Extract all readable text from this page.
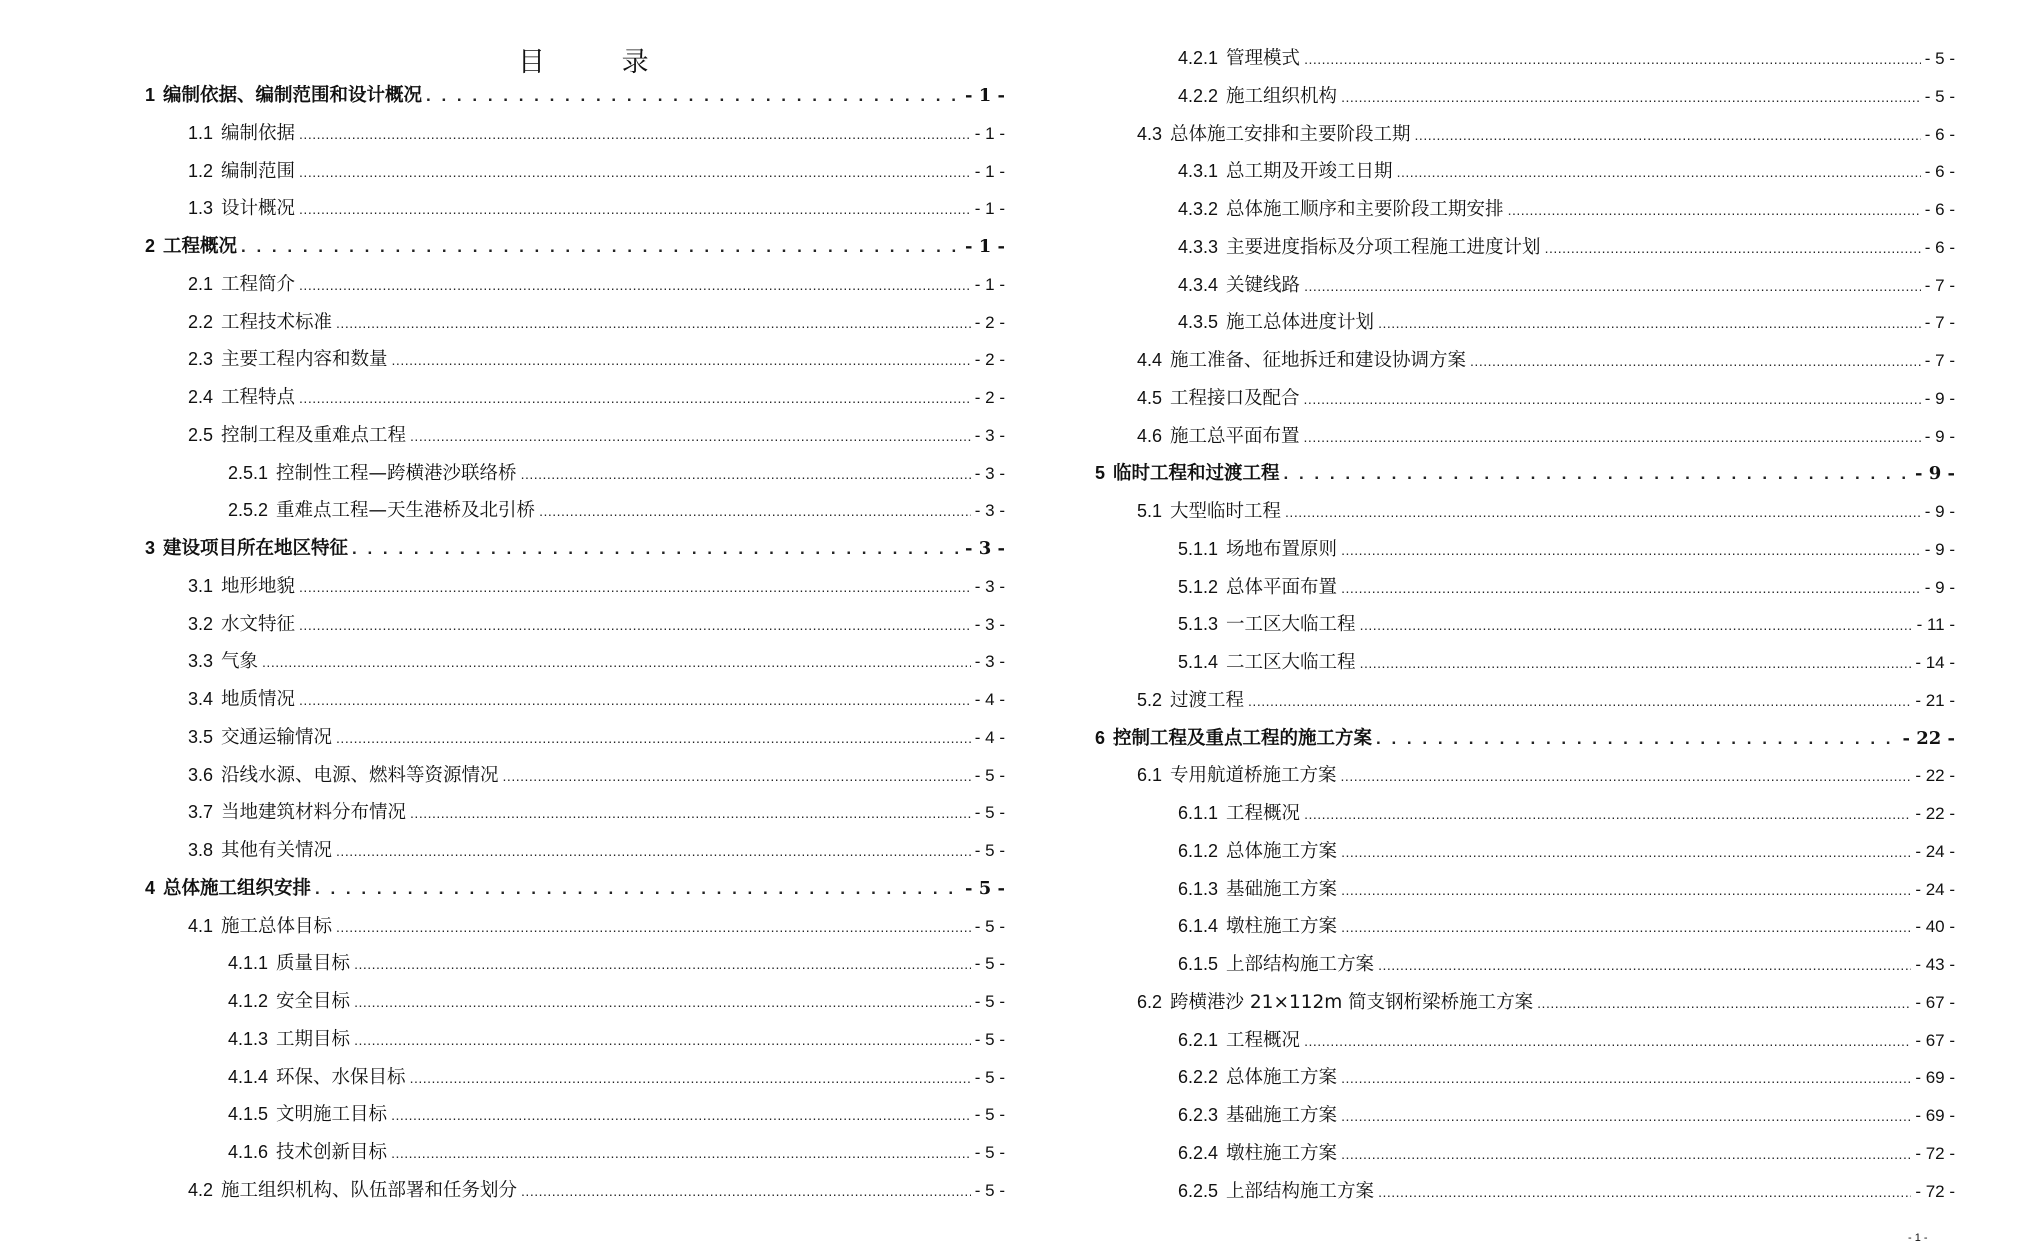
目 录
1 编制依据、编制范围和设计概况 . . .	- 1 -
1.1 编制依据 .....	- 1 -
1.2 编制范围 .....	- 1 -
1.3 设计概况 .....	- 1 -
2 工程概况 . . .	- 1 -
2.1 工程简介 .....	- 1 -
2.2 工程技术标准 .....	- 2 -
2.3 主要工程内容和数量 .....	- 2 -
2.4 工程特点 .....	- 2 -
2.5 控制工程及重难点工程 .....	- 3 -
2.5.1 控制性工程—跨横港沙联络桥 .....	- 3 -
2.5.2 重难点工程—天生港桥及北引桥 .....	- 3 -
3 建设项目所在地区特征 . . .	- 3 -
3.1 地形地貌 .....	- 3 -
3.2 水文特征 .....	- 3 -
3.3 气象 .....	- 3 -
3.4 地质情况 .....	- 4 -
3.5 交通运输情况 .....	- 4 -
3.6 沿线水源、电源、燃料等资源情况 .....	- 5 -
3.7 当地建筑材料分布情况 .....	- 5 -
3.8 其他有关情况 .....	- 5 -
4 总体施工组织安排 . . .	- 5 -
4.1 施工总体目标 .....	- 5 -
4.1.1 质量目标 .....	- 5 -
4.1.2 安全目标 .....	- 5 -
4.1.3 工期目标 .....	- 5 -
4.1.4 环保、水保目标 .....	- 5 -
4.1.5 文明施工目标 .....	- 5 -
4.1.6 技术创新目标 .....	- 5 -
4.2 施工组织机构、队伍部署和任务划分 .....	- 5 -
4.2.1 管理模式 .....	- 5 -
4.2.2 施工组织机构 .....	- 5 -
4.3 总体施工安排和主要阶段工期 .....	- 6 -
4.3.1 总工期及开竣工日期 .....	- 6 -
4.3.2 总体施工顺序和主要阶段工期安排 .....	- 6 -
4.3.3 主要进度指标及分项工程施工进度计划 .....	- 6 -
4.3.4 关键线路 .....	- 7 -
4.3.5 施工总体进度计划 .....	- 7 -
4.4 施工准备、征地拆迁和建设协调方案 .....	- 7 -
4.5 工程接口及配合 .....	- 9 -
4.6 施工总平面布置 .....	- 9 -
5 临时工程和过渡工程 . . .	- 9 -
5.1 大型临时工程 .....	- 9 -
5.1.1 场地布置原则 .....	- 9 -
5.1.2 总体平面布置 .....	- 9 -
5.1.3 一工区大临工程 .....	- 11 -
5.1.4 二工区大临工程 .....	- 14 -
5.2 过渡工程 .....	- 21 -
6 控制工程及重点工程的施工方案 . . .	- 22 -
6.1 专用航道桥施工方案 .....	- 22 -
6.1.1 工程概况 .....	- 22 -
6.1.2 总体施工方案 .....	- 24 -
6.1.3 基础施工方案 .....	- 24 -
6.1.4 墩柱施工方案 .....	- 40 -
6.1.5 上部结构施工方案 .....	- 43 -
6.2 跨横港沙 21×112m 简支钢桁梁桥施工方案 .....	- 67 -
6.2.1 工程概况 .....	- 67 -
6.2.2 总体施工方案 .....	- 69 -
6.2.3 基础施工方案 .....	- 69 -
6.2.4 墩柱施工方案 .....	- 72 -
6.2.5 上部结构施工方案 .....	- 72 -
- 1 -
